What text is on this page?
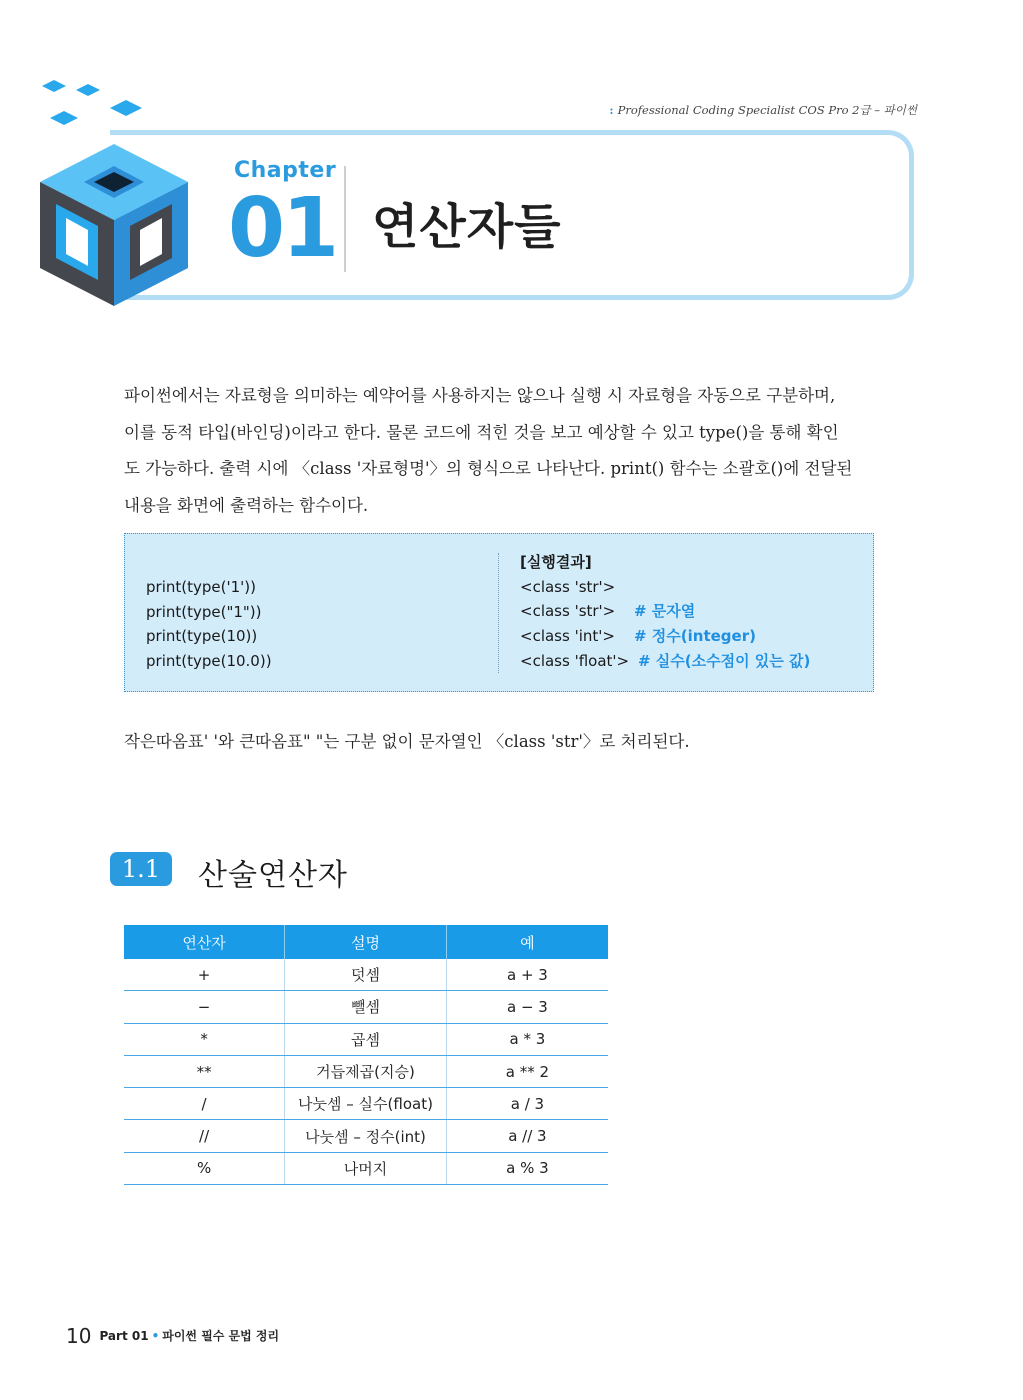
: Professional Coding Specialist COS Pro 2급 – 파이썬
Chapter
01 연산자들

파이썬에서는 자료형을 의미하는 예약어를 사용하지는 않으나 실행 시 자료형을 자동으로 구분하며,

이를 동적 타입(바인딩)이라고 한다. 물론 코드에 적힌 것을 보고 예상할 수 있고 type()을 통해 확인

도 가능하다. 출력 시에 〈class '자료형명'〉의 형식으로 나타난다. print() 함수는 소괄호()에 전달된

내용을 화면에 출력하는 함수이다.

print(type('1'))
print(type("1"))
print(type(10))
print(type(10.0))
[실행결과]
<class 'str'>
<class 'str'> # 문자열
<class 'int'> # 정수(integer)
<class 'float'> # 실수(소수점이 있는 값)
작은따옴표' '와 큰따옴표" "는 구분 없이 문자열인 〈class 'str'〉로 처리된다.
1.1	산술연산자
연산자	설명	예
+	덧셈	a + 3
−	뺄셈	a − 3
*	곱셈	a * 3
**	거듭제곱(지승)	a ** 2
/	나눗셈 – 실수(float)	a / 3
//	나눗셈 – 정수(int)	a // 3
%	나머지	a % 3
10 Part 01 • 파이썬 필수 문법 정리
